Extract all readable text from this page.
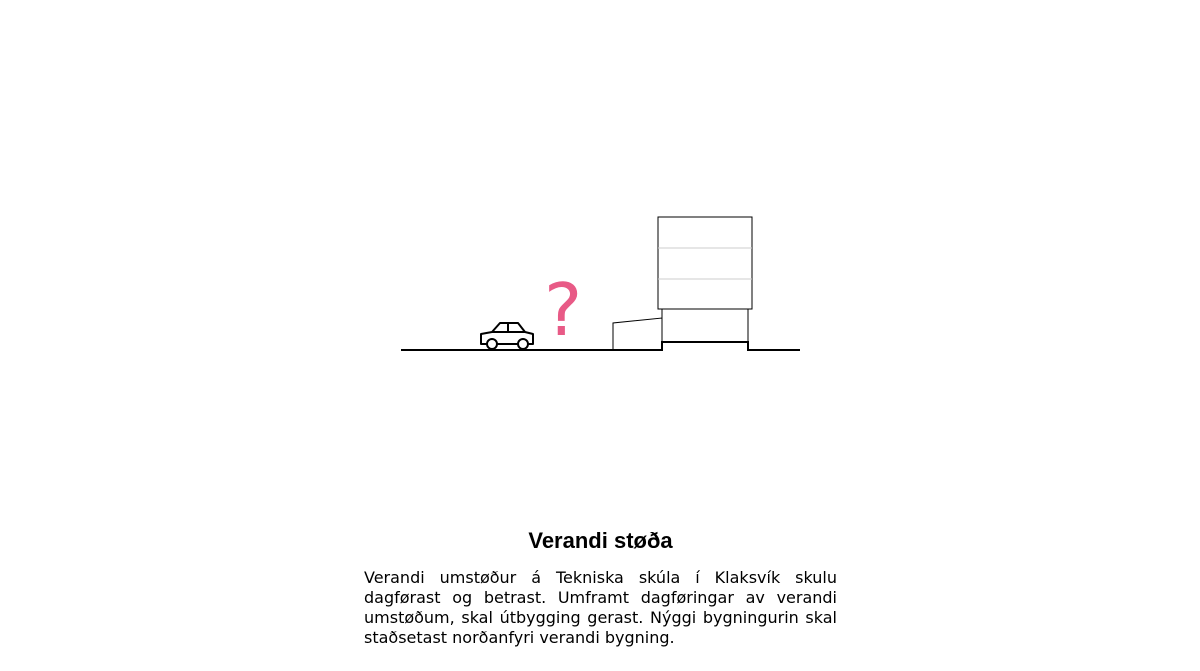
?
Verandi støða

Verandi umstøður á Tekniska skúla í Klaksvík skulu dagførast og betrast. Umframt dagføringar av verandi umstøðum, skal útbygging gerast. Nýggi bygningurin skal staðsetast norðanfyri verandi bygning.
